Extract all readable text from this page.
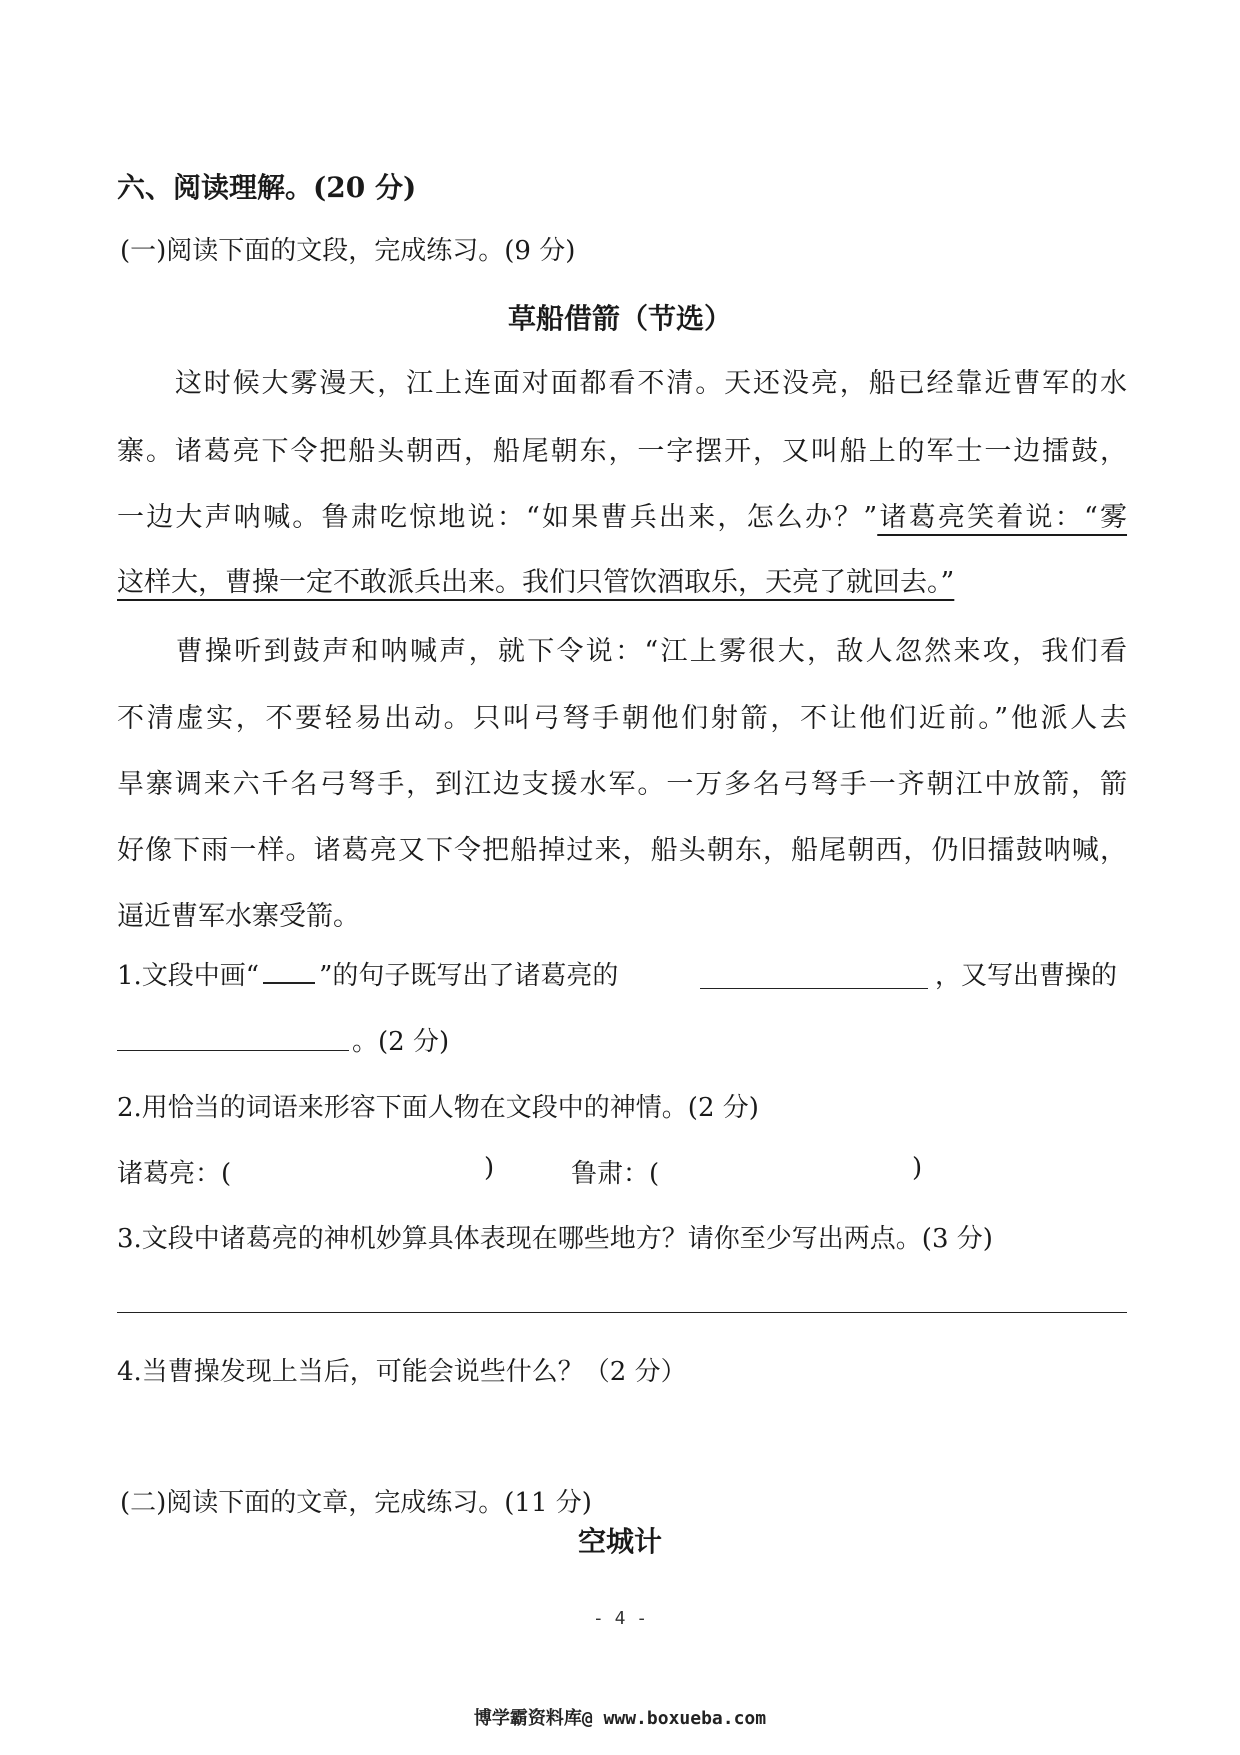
六、阅读理解。(20 分)
(一)阅读下面的文段，完成练习。(9 分)
草船借箭（节选）
　　这时候大雾漫天，江上连面对面都看不清。天还没亮，船已经靠近曹军的水
寨。诸葛亮下令把船头朝西，船尾朝东，一字摆开，又叫船上的军士一边擂鼓，
一边大声呐喊。鲁肃吃惊地说：“如果曹兵出来，怎么办？”诸葛亮笑着说：“雾
这样大，曹操一定不敢派兵出来。我们只管饮酒取乐，天亮了就回去。”
　　曹操听到鼓声和呐喊声，就下令说：“江上雾很大，敌人忽然来攻，我们看
不清虚实，不要轻易出动。只叫弓弩手朝他们射箭，不让他们近前。”他派人去
旱寨调来六千名弓弩手，到江边支援水军。一万多名弓弩手一齐朝江中放箭，箭
好像下雨一样。诸葛亮又下令把船掉过来，船头朝东，船尾朝西，仍旧擂鼓呐喊，
逼近曹军水寨受箭。
1.文段中画“ ”的句子既写出了诸葛亮的	，又写出曹操的
。(2 分)
2.用恰当的词语来形容下面人物在文段中的神情。(2 分)
诸葛亮：(	)	鲁肃：(	)
3.文段中诸葛亮的神机妙算具体表现在哪些地方？请你至少写出两点。(3 分)
4.当曹操发现上当后，可能会说些什么？（2 分）
(二)阅读下面的文章，完成练习。(11 分)
空城计
- 4 -
博学霸资料库@ www.boxueba.com
